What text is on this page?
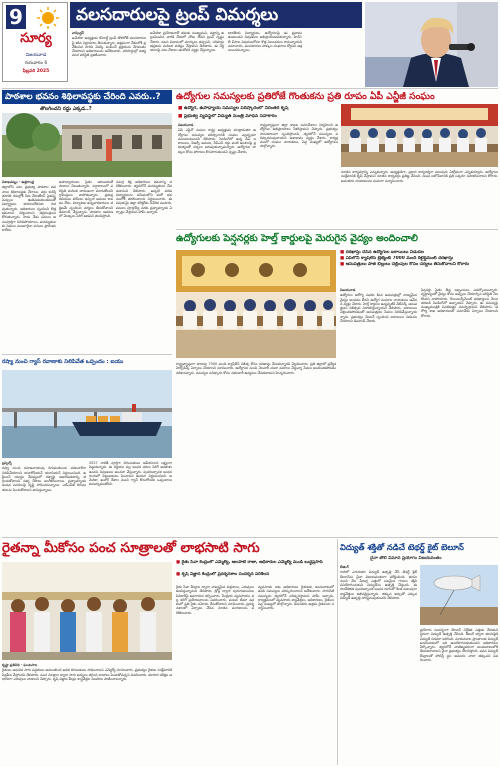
9
సూర్య
విజయవాడ
గురువారం 6
ఫిబ్రవరి 2025
వలసదారులపై ట్రంప్ విమర్శలు

వాషింగ్టన్

అమెరికా అధ్యక్షుడు డొనాల్డ్ ట్రంప్ తొలిరోజే వలసదారులపై కఠిన నిర్ణయాలు తీసుకున్నారు. అక్రమంగా దేశంలోకి ప్రవేశించిన వారిని వెనక్కి పంపించే ప్రక్రియను వేగవంతం చేయాలని అధికారులను ఆదేశించారు. సరిహద్దుల్లో అత్యవసర పరిస్థితి ప్రకటించారు.

అమెరికా ప్రయోజనాలే తమకు ముఖ్యమని, చట్టాన్ని ఉల్లంఘించిన వారికి దేశంలో చోటు లేదని ట్రంప్ స్పష్టం చేశారు. వలస విధానంలో మార్పులు తప్పవని, సరిహద్దు భద్రతను మరింత పటిష్ఠం చేస్తామని తెలిపారు. ఈ నిర్ణయాలపై పలు దేశాలు ఆందోళన వ్యక్తం చేస్తున్నాయి.

భారతీయ విద్యార్థులు, ఉద్యోగులపై ఈ ప్రభావం ఉంటుందని నిపుణులు అభిప్రాయపడుతున్నారు. హెచ్‌1బీ వీసాల విషయంలోనూ కొత్త నిబంధనలు రానున్నాయని సమాచారం. వలసదారుల హక్కుల సంఘాలు కోర్టును ఆశ్రయించనున్నాయి.

పాఠశాల భవనం శిథిలావస్థకు చేరింది ఎవరు..?
తొలగించని రద్దు ఎక్కడ..?

విశాఖపట్నం - ఉత్తరాంధ్ర

జిల్లాలోని పలు ప్రభుత్వ పాఠశాల భవనాలు శిథిలావస్థకు చేరాయి. వర్షం కురిస్తే తరగతి గదుల్లోకి నీరు చేరుతోంది. పైకప్పు పెచ్చులు ఊడిపడుతుండటంతో విద్యార్థులు భయాందోళనకు గురవుతున్నారు. అధికారులు స్పందించి కొత్త భవనాలు నిర్మించాలని తల్లిదండ్రులు కోరుతున్నారు. నాడు నేడు పనులు అసంపూర్తిగా నిలిచిపోయాయి. మరమ్మతులకు నిధులు మంజూరైనా పనులు ప్రారంభం కాలేదు.

ఉపాధ్యాయులు సైతం ఆరుబయటే పాఠాలు చెబుతున్నారు. వర్షాకాలంలో పరిస్థితి మరింత దారుణంగా మారుతోందని గ్రామస్తులు వాపోతున్నారు. ప్రజాప్రతినిధులు హామీలు ఇచ్చినా అమలు కావడం లేదు. విద్యాశాఖ ఉన్నతాధికారులు తక్షణమే స్పందించి చర్యలు తీసుకోవాలని డిమాండ్ చేస్తున్నారు. పాఠశాల ఆవరణలో మొక్కలు పెరిగి అడవిని తలపిస్తోంది.

సమగ్ర శిక్ష అధికారులు భవనాన్ని పరిశీలించారు. త్వరలోనే మరమ్మతులు చేపడతామని తెలిపారు. అప్పటి వరకు విద్యార్థులను సమీపంలోని మరో భవనంలోకి తరలించాలని నిర్ణయించారు. ఈ విషయమై జిల్లా కలెక్టర్‌కు నివేదిక పంపారు. పనులు పూర్తయ్యే వరకు ప్రత్యామ్నాయ ఏర్పాట్లు చేస్తామని హామీ ఇచ్చారు.

ఉద్యోగుల సమస్యలకు ప్రతిరోజే గొంతుకను ప్రతి రూపం ఏపీ ఎన్జీజీ సంఘం
■ ఉద్యోగ, ఉపాధ్యాయ సమస్యల పరిష్కారంలో నిరంతర కృషి
■ ప్రభుత్వ వ్యవస్థలో విద్యుత్ మంత్రి మాధవ్‌ సహకారం

విజయవాడ

ఏపీ ఎన్జీవో సంఘం రాష్ట్ర అధ్యక్షుడు మాట్లాడుతూ ఉద్యోగుల సమస్యల పరిష్కారానికి సంఘం ఎల్లప్పుడూ ముందుంటుందని తెలిపారు. పెండింగ్‌లో ఉన్న డీఏ బకాయిలు, పీఆర్సీ అమలు, సీపీఎస్ రద్దు వంటి అంశాలపై ప్రభుత్వంతో చర్చలు జరుపుతున్నామన్నారు. ఉద్యోగుల హక్కుల కోసం పోరాటం కొనసాగుతుందని స్పష్టం చేశారు.

రాష్ట్రవ్యాప్తంగా జిల్లా శాఖల సమావేశాలు నిర్వహించి ఉద్యోగుల అభిప్రాయాలు సేకరిస్తామని చెప్పారు. ప్రభుత్వం సానుకూలంగా స్పందిస్తోందని, త్వరలోనే సమస్యలు పరిష్కారమవుతాయని ఆశాభావం వ్యక్తం చేశారు. కార్యక్రమంలో సంఘం నాయకులు, పెద్ద సంఖ్యలో ఉద్యోగులు పాల్గొన్నారు.

నూతన కార్యవర్గాన్ని ఎన్నుకున్నారు. అధ్యక్షుడిగా, ప్రధాన కార్యదర్శిగా పలువురు ఏకగ్రీవంగా ఎన్నికయ్యారు. ఉద్యోగుల సంక్షేమానికి కృషి చేస్తామని నూతన కార్యవర్గం ప్రతిజ్ఞ చేసింది. సంఘ బలోపేతానికి ప్రతి ఒక్కరూ సహకరించాలని కోరారు. అనంతరం నాయకులను ఘనంగా సన్మానించారు.

ఉద్యోగులకు పెన్షనర్లకు హెల్త్ కార్డులపై మెరుగైన వైద్యం అందించాలి
■ దరఖాస్తు చేసిన ఉద్యోగుల బకాయిలు విడుదల
■ ఏపీలోని క్యాష్‌లెస్ ట్రీట్మెంట్ 7000 మంది రిటైర్డ్‌మెంట్ దరఖాస్తు
■ ఆసుపత్రులు పాత బిల్లులు చెల్లింపుల కోసం చర్యలు తీసుకోవాలని కోరారు

విజయవాడ

ఉద్యోగుల ఆరోగ్య పథకం కింద ఆసుపత్రుల్లో నాణ్యమైన వైద్యం అందడం లేదని ఉద్యోగ సంఘాల నాయకులు ఆవేదన వ్యక్తం చేశారు. హెల్త్ కార్డులు ఉన్నప్పటికీ నెట్‌వర్క్ ఆసుపత్రులు చికిత్సకు నిరాకరిస్తున్నాయని తెలిపారు. బకాయిలు చెల్లించకపోవడంతో ఆసుపత్రులు సేవలు నిలిపివేస్తున్నాయన్నారు. ప్రభుత్వం వెంటనే స్పందించి బకాయిలు విడుదల చేయాలని డిమాండ్ చేశారు.

పెన్షనర్లు సైతం తీవ్ర ఇబ్బందులు ఎదుర్కొంటున్నారు. వృద్ధాప్యంలో వైద్యం కోసం అప్పులు చేయాల్సిన పరిస్థితి నెలకొందని వాపోయారు. రీయింబర్స్‌మెంట్ దరఖాస్తులు నెలల తరబడి పెండింగ్‌లో ఉన్నాయని చెప్పారు. ఈ సమస్యపై ముఖ్యమంత్రికి వినతిపత్రం సమర్పిస్తామని తెలిపారు. ఆరోగ్య శాఖ అధికారులతో సమావేశం ఏర్పాటు చేయాలని కోరారు.

రాష్ట్రవ్యాప్తంగా దాదాపు 7000 మంది క్యాష్‌లెస్ చికిత్స కోసం దరఖాస్తు చేసుకున్నారని వెల్లడించారు. ప్రతి జిల్లాలో ప్రత్యేక హెల్ప్‌డెస్క్ ఏర్పాటు చేయాలని సూచించారు. ఉద్యోగుల నుంచి నెలవారీ చందా వసూలు చేస్తున్నా సేవలు అందించకపోవడం సరికాదన్నారు. సమస్యల పరిష్కారం కోసం దశలవారీ ఉద్యమం చేపడతామని హెచ్చరించారు.

రష్యా నుంచి గ్యాస్ రవాణాకు నిలిపివేత ఒప్పందం : ఐయు

బ్రస్సెల్స్

రష్యా నుంచి సహజవాయువు దిగుమతులను దశలవారీగా నిలిపివేయాలని యూరోపియన్ యూనియన్ నిర్ణయించింది. ఉక్రెయిన్ యుద్ధం నేపథ్యంలో రష్యాపై ఆధారపడటాన్ని తగ్గించుకోవాలని సభ్య దేశాలు అంగీకరించాయి. ప్రత్యామ్నాయ ఇంధన వనరులపై దృష్టి సారించనున్నాయి. ఎల్‌ఎన్‌జీ దిగుమతులను పెంచుకోవాలని భావిస్తున్నాయి.

2027 నాటికి పూర్తిగా దిగుమతులు ఆపేయాలని లక్ష్యంగా పెట్టుకున్నారు. ఈ నిర్ణయం వల్ల ఇంధన ధరలు పెరిగే అవకాశం ఉందని నిపుణులు అంచనా వేస్తున్నారు. పునరుత్పాదక ఇంధన రంగంలో పెట్టుబడులు పెంచాలని ఈయూ నిర్ణయించింది. అమెరికా, ఖతార్ దేశాల నుంచి గ్యాస్ కొనుగోలుకు ఒప్పందాలు కుదుర్చుకుంటోంది.

రైతన్నా మీకోసం పంచ సూత్రాలతో లాభసాటి సాగు
■ రైతు సేవా కేంద్రంలో ఎమ్మెల్యే, ఆలపాటి రాజా, అధికారుల ఎమ్మెల్యే మండి బుద్ధప్రసాద్
■ కృషి విజ్ఞాన కేంద్రంలో ప్రదర్శనశాల సందర్శన పరిశీలన

కృష్ణా ప్రతినిధి - ఘంటసాల

రైతులు ఆధునిక సాగు పద్ధతులు అవలంబించి అధిక దిగుబడులు సాధించాలని ఎమ్మెల్యే సూచించారు. ప్రభుత్వం రైతుల సంక్షేమానికి పెద్దపీట వేస్తోందని తెలిపారు. పంచ సూత్రాల ద్వారా సాగు ఖర్చులు తగ్గించి లాభాలు పెంచుకోవచ్చని వివరించారు. భూసార పరీక్షల ఆధారంగా ఎరువులు వాడాలని చెప్పారు. కృషి విజ్ఞాన కేంద్రం శాస్త్రవేత్తల సలహాలు పాటించాలన్నారు.

రైతు సేవా కేంద్రాల ద్వారా నాణ్యమైన విత్తనాలు, ఎరువులు అందిస్తున్నామని తెలిపారు. డ్రోన్ల ద్వారా పురుగుమందుల పిచికారీపై అవగాహన కల్పించారు. సేంద్రియ వ్యవసాయం వల్ల కలిగే ప్రయోజనాలను వివరించారు. పంటల బీమా పథకంలో ప్రతి రైతు నమోదు చేసుకోవాలని సూచించారు. ప్రదర్శనశాలలో ఏర్పాటు చేసిన నూతన వంగడాలను పరిశీలించారు.

వ్యవసాయ శాఖ అధికారులు రైతులకు అందుబాటులో ఉండి సమస్యలు పరిష్కరించాలని ఆదేశించారు. సాగునీటి సమస్యను త్వరలోనే పరిష్కరిస్తామని హామీ ఇచ్చారు. కార్యక్రమంలో వ్యవసాయ శాస్త్రవేత్తలు, అధికారులు, రైతులు పెద్ద సంఖ్యలో పాల్గొన్నారు. అనంతరం ఉత్తమ రైతులను సన్మానించారు.

విద్యుత్ శక్తితో నడిచే టెథర్డ్ కైట్ బెలూన్
చైనా తొలి విమాన ప్రయోగం విజయవంతం

బీజింగ్

గాలిలో ఎగురుతూ విద్యుత్ ఉత్పత్తి చేసే టెథర్డ్ కైట్ బెలూన్‌ను చైనా విజయవంతంగా పరీక్షించింది. భూమి నుంచి వేల మీటర్ల ఎత్తులో బలమైన గాలుల శక్తిని వినియోగించుకుని విద్యుత్‌ను ఉత్పత్తి చేస్తుంది. ఈ సాంకేతికత పునరుత్పాదక ఇంధన రంగంలో కీలక మలుపుగా శాస్త్రవేత్తలు అభివర్ణిస్తున్నారు. తక్కువ ఖర్చుతో ఎక్కువ విద్యుత్ ఉత్పత్తి సాధ్యమవుతుందని తెలిపారు.

ప్రయోగం సందర్భంగా బెలూన్ నిర్దేశిత ఎత్తుకు చేరుకుని స్థిరంగా విద్యుత్ ఉత్పత్తి చేసింది. కేబుల్ ద్వారా భూమిపైకి విద్యుత్ సరఫరా జరిగింది. మారుమూల ప్రాంతాలకు విద్యుత్ అందించడంలో ఇది ఉపయోగపడుతుందని అధికారులు పేర్కొన్నారు. త్వరలోనే వాణిజ్యపరంగా అందుబాటులోకి తీసుకురావాలని చైనా ప్రభుత్వం యోచిస్తోంది. పవన విద్యుత్ కేంద్రాలతో పోలిస్తే స్థల అవసరం చాలా తక్కువని వివరించారు.
